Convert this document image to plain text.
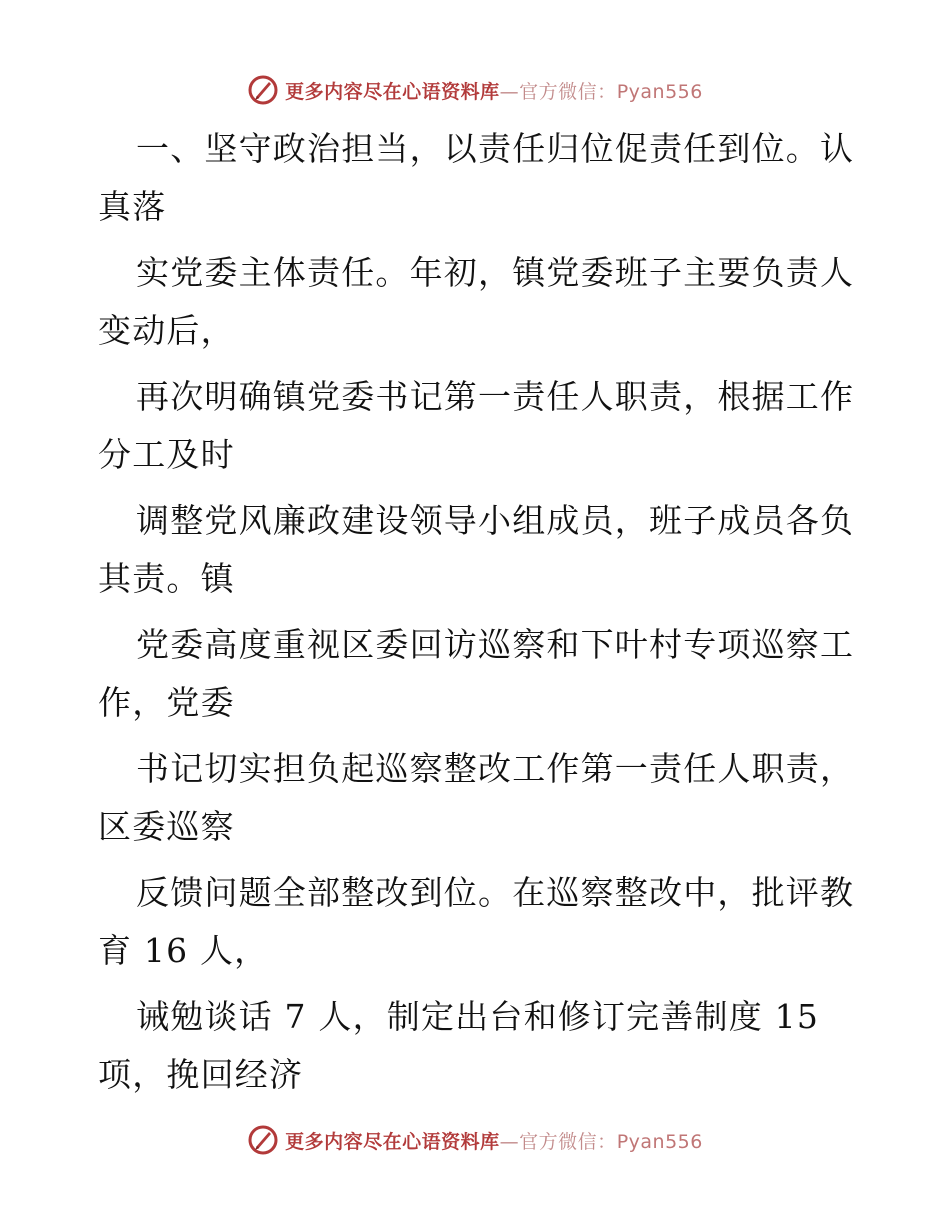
更多内容尽在心语资料库—官方微信：Pyan556
一、坚守政治担当，以责任归位促责任到位。认
真落
实党委主体责任。年初，镇党委班子主要负责人
变动后，
再次明确镇党委书记第一责任人职责，根据工作
分工及时
调整党风廉政建设领导小组成员，班子成员各负
其责。镇
党委高度重视区委回访巡察和下叶村专项巡察工
作，党委
书记切实担负起巡察整改工作第一责任人职责，
区委巡察
反馈问题全部整改到位。在巡察整改中，批评教
育 16 人，
诫勉谈话 7 人，制定出台和修订完善制度 15
项，挽回经济
更多内容尽在心语资料库—官方微信：Pyan556
